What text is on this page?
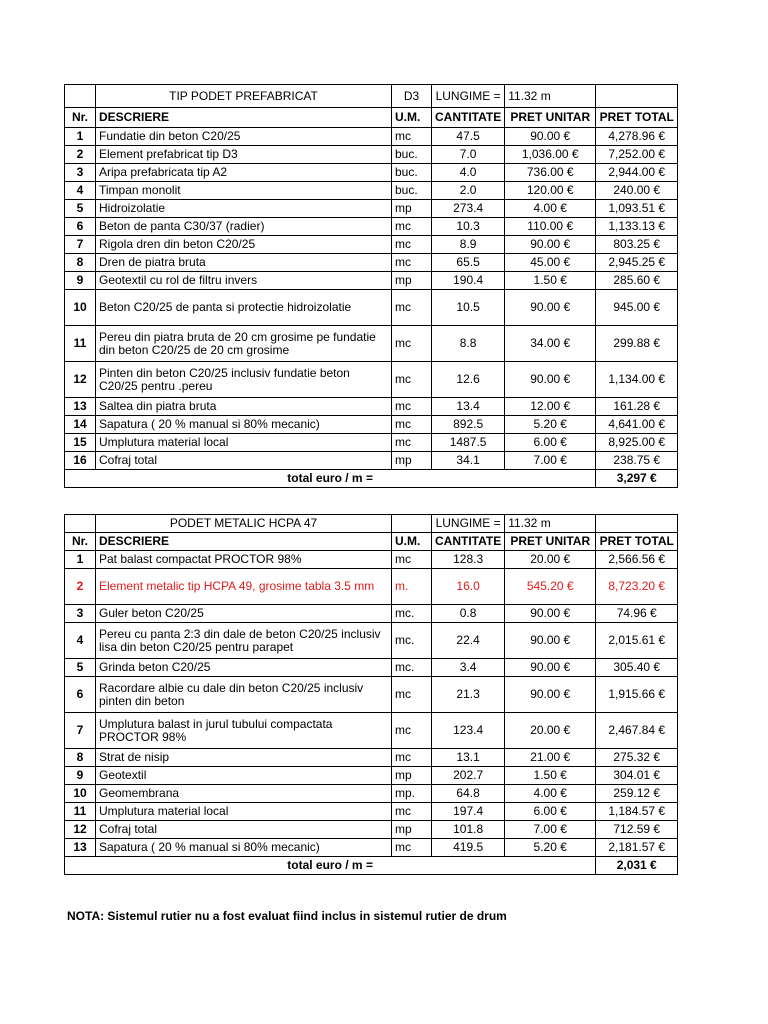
	TIP PODET PREFABRICAT	D3	LUNGIME =	11.32 m	
Nr.	DESCRIERE	U.M.	CANTITATE	PRET UNITAR	PRET TOTAL
1	Fundatie din beton C20/25	mc	47.5	90.00 €	4,278.96 €
2	Element prefabricat tip D3	buc.	7.0	1,036.00 €	7,252.00 €
3	Aripa prefabricata tip A2	buc.	4.0	736.00 €	2,944.00 €
4	Timpan monolit	buc.	2.0	120.00 €	240.00 €
5	Hidroizolatie	mp	273.4	4.00 €	1,093.51 €
6	Beton de panta C30/37 (radier)	mc	10.3	110.00 €	1,133.13 €
7	Rigola dren din beton C20/25	mc	8.9	90.00 €	803.25 €
8	Dren de piatra bruta	mc	65.5	45.00 €	2,945.25 €
9	Geotextil cu rol de filtru invers	mp	190.4	1.50 €	285.60 €
10	Beton C20/25 de panta si protectie hidroizolatie	mc	10.5	90.00 €	945.00 €
11	Pereu din piatra bruta de 20 cm grosime pe fundatie din beton C20/25 de 20 cm grosime	mc	8.8	34.00 €	299.88 €
12	Pinten din beton C20/25 inclusiv fundatie beton C20/25 pentru .pereu	mc	12.6	90.00 €	1,134.00 €
13	Saltea din piatra bruta	mc	13.4	12.00 €	161.28 €
14	Sapatura ( 20 % manual si 80% mecanic)	mc	892.5	5.20 €	4,641.00 €
15	Umplutura material local	mc	1487.5	6.00 €	8,925.00 €
16	Cofraj total	mp	34.1	7.00 €	238.75 €
total euro / m =					3,297 €
	PODET METALIC HCPA 47		LUNGIME =	11.32 m	
Nr.	DESCRIERE	U.M.	CANTITATE	PRET UNITAR	PRET TOTAL
1	Pat balast compactat PROCTOR 98%	mc	128.3	20.00 €	2,566.56 €
2	Element metalic tip HCPA 49, grosime tabla 3.5 mm	m.	16.0	545.20 €	8,723.20 €
3	Guler beton C20/25	mc.	0.8	90.00 €	74.96 €
4	Pereu cu panta 2:3 din dale de beton C20/25 inclusiv lisa din beton C20/25 pentru parapet	mc.	22.4	90.00 €	2,015.61 €
5	Grinda beton C20/25	mc.	3.4	90.00 €	305.40 €
6	Racordare albie cu dale din beton C20/25 inclusiv pinten din beton	mc	21.3	90.00 €	1,915.66 €
7	Umplutura balast in jurul tubului compactata PROCTOR 98%	mc	123.4	20.00 €	2,467.84 €
8	Strat de nisip	mc	13.1	21.00 €	275.32 €
9	Geotextil	mp	202.7	1.50 €	304.01 €
10	Geomembrana	mp.	64.8	4.00 €	259.12 €
11	Umplutura material local	mc	197.4	6.00 €	1,184.57 €
12	Cofraj total	mp	101.8	7.00 €	712.59 €
13	Sapatura ( 20 % manual si 80% mecanic)	mc	419.5	5.20 €	2,181.57 €
total euro / m =					2,031 €
NOTA: Sistemul rutier nu a fost evaluat fiind inclus in sistemul rutier de drum
